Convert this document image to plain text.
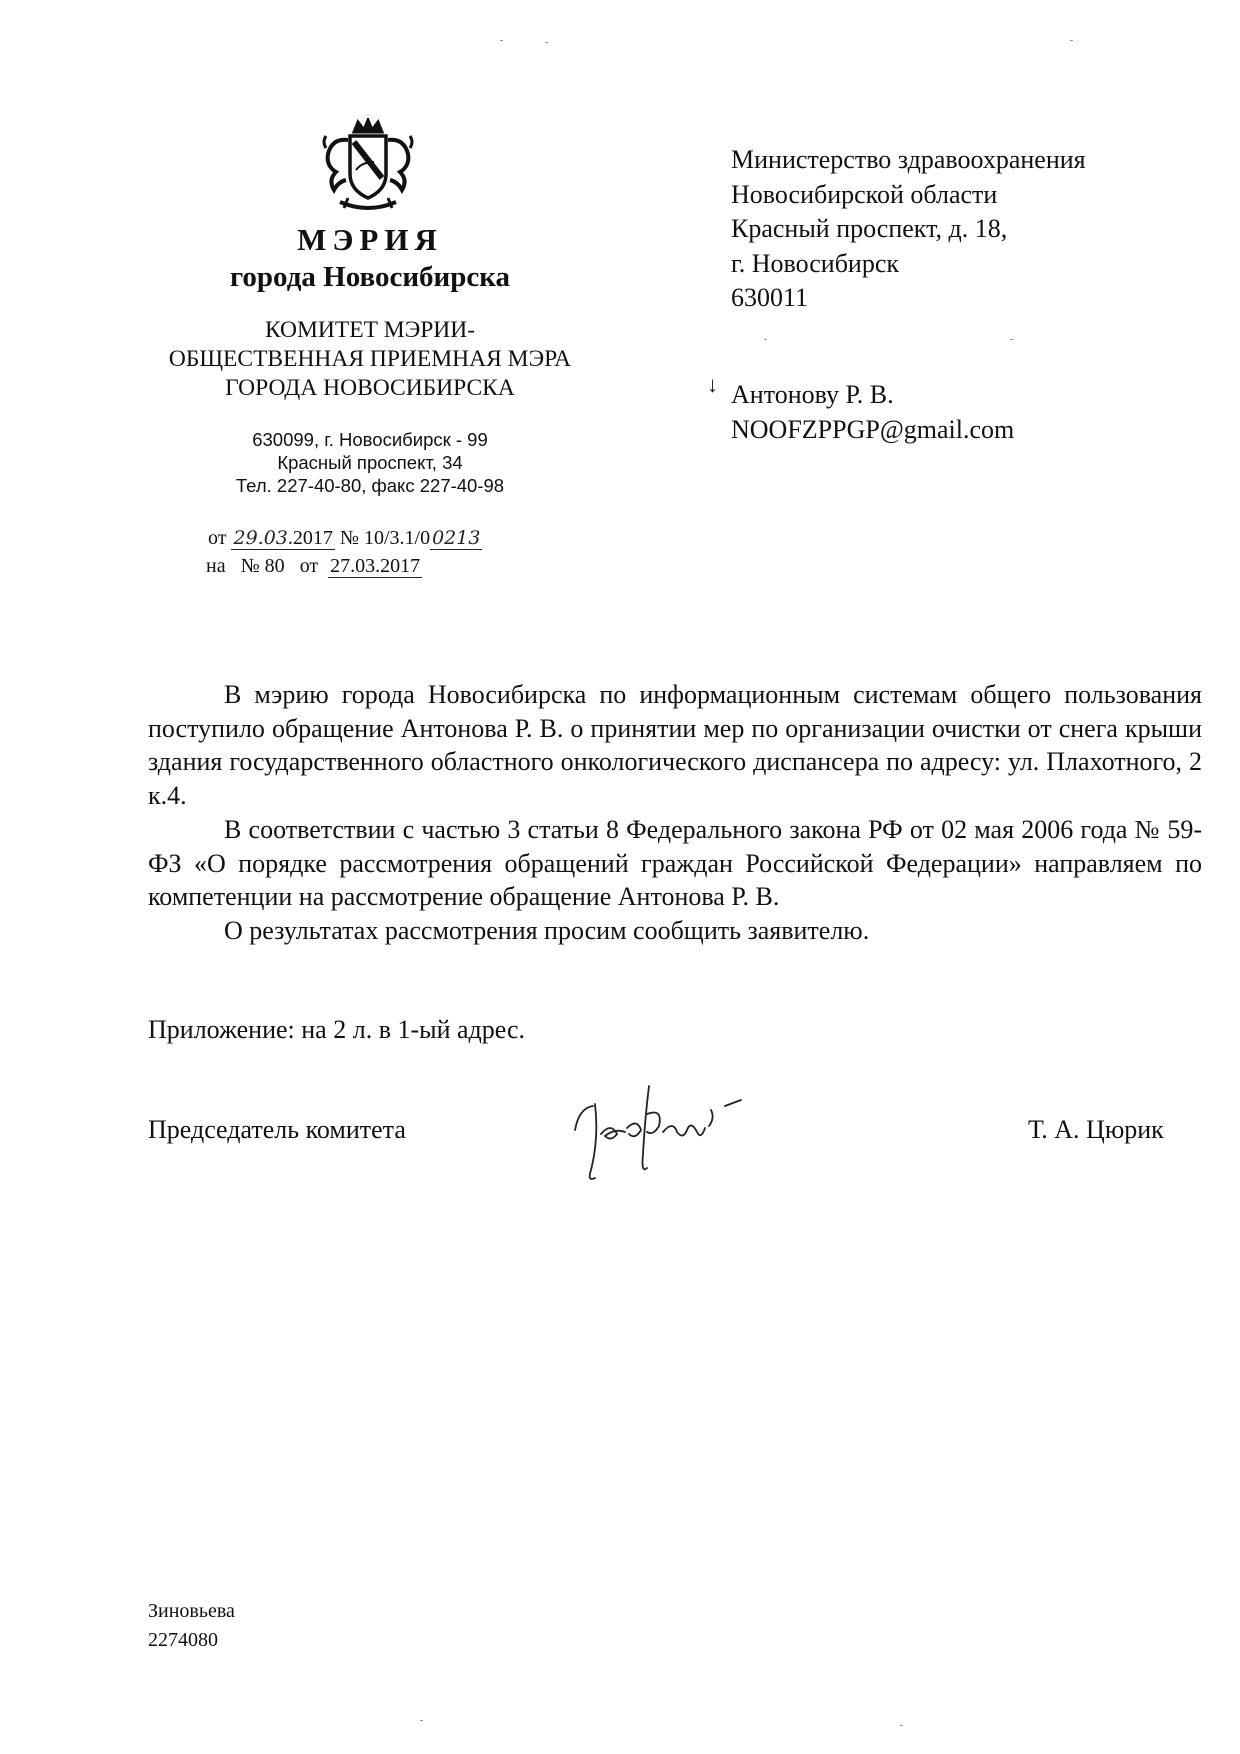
МЭРИЯ
города Новосибирска
КОМИТЕТ МЭРИИ-
ОБЩЕСТВЕННАЯ ПРИЕМНАЯ МЭРА
ГОРОДА НОВОСИБИРСКА
630099, г. Новосибирск - 99
Красный проспект, 34
Тел. 227-40-80, факс 227-40-98
от 29.03.2017 № 10/3.1/0 0213
на № 80 от 27.03.2017
Министерство здравоохранения
Новосибирской области
Красный проспект, д. 18,
г. Новосибирск
630011
↓ Антонову Р. В.
NOOFZPPGP@gmail.com

В мэрию города Новосибирска по информационным системам общего пользования поступило обращение Антонова Р. В. о принятии мер по организации очистки от снега крыши здания государственного областного онкологического диспансера по адресу: ул. Плахотного, 2 к.4.

В соответствии с частью 3 статьи 8 Федерального закона РФ от 02 мая 2006 года № 59-ФЗ «О порядке рассмотрения обращений граждан Российской Федерации» направляем по компетенции на рассмотрение обращение Антонова Р. В.

О результатах рассмотрения просим сообщить заявителю.

Приложение: на 2 л. в 1-ый адрес.
Председатель комитета	Т. А. Цюрик
Зиновьева
2274080
